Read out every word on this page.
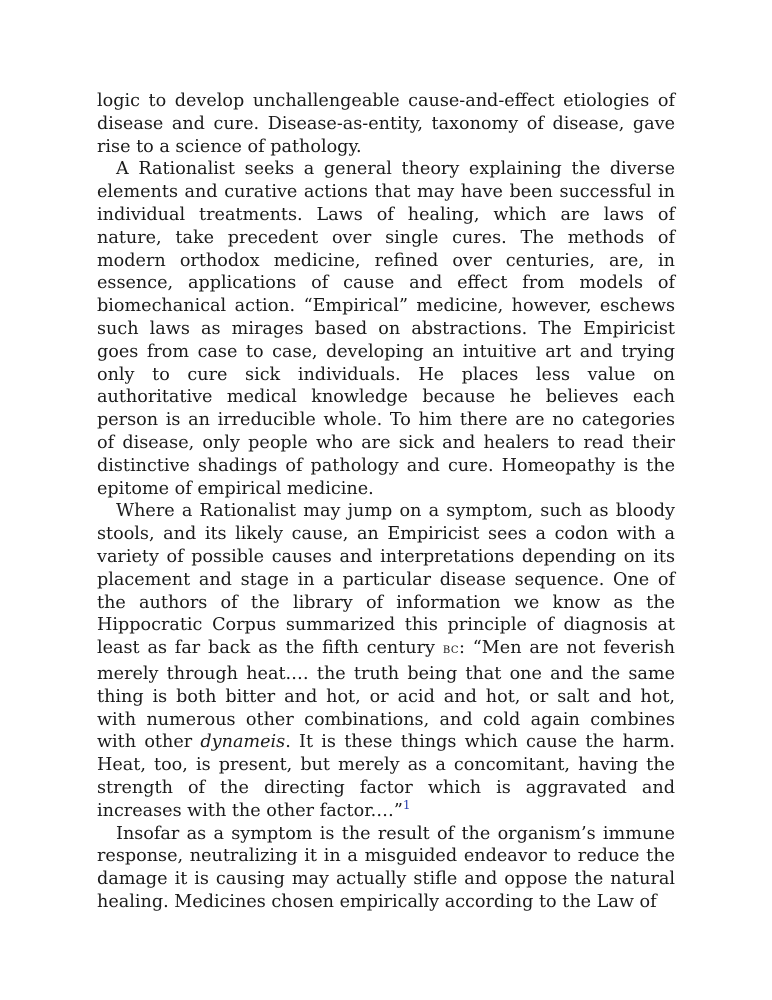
logic to develop unchallengeable cause-and-effect etiologies of disease and cure. Disease-as-entity, taxonomy of disease, gave rise to a science of pathology.

A Rationalist seeks a general theory explaining the diverse elements and curative actions that may have been successful in individual treatments. Laws of healing, which are laws of nature, take precedent over single cures. The methods of modern orthodox medicine, refined over centuries, are, in essence, applications of cause and effect from models of biomechanical action. “Empirical” medicine, however, eschews such laws as mirages based on abstractions. The Empiricist goes from case to case, developing an intuitive art and trying only to cure sick individuals. He places less value on authoritative medical knowledge because he believes each person is an irreducible whole. To him there are no categories of disease, only people who are sick and healers to read their distinctive shadings of pathology and cure. Homeopathy is the epitome of empirical medicine.

Where a Rationalist may jump on a symptom, such as bloody stools, and its likely cause, an Empiricist sees a codon with a variety of possible causes and interpretations depending on its placement and stage in a particular disease sequence. One of the authors of the library of information we know as the Hippocratic Corpus summarized this principle of diagnosis at least as far back as the fifth century BC: “Men are not feverish merely through heat.… the truth being that one and the same thing is both bitter and hot, or acid and hot, or salt and hot, with numerous other combinations, and cold again combines with other dynameis. It is these things which cause the harm. Heat, too, is present, but merely as a concomitant, having the strength of the directing factor which is aggravated and increases with the other factor.…”$^1$

Insofar as a symptom is the result of the organism’s immune response, neutralizing it in a misguided endeavor to reduce the damage it is causing may actually stifle and oppose the natural healing. Medicines chosen empirically according to the Law of
